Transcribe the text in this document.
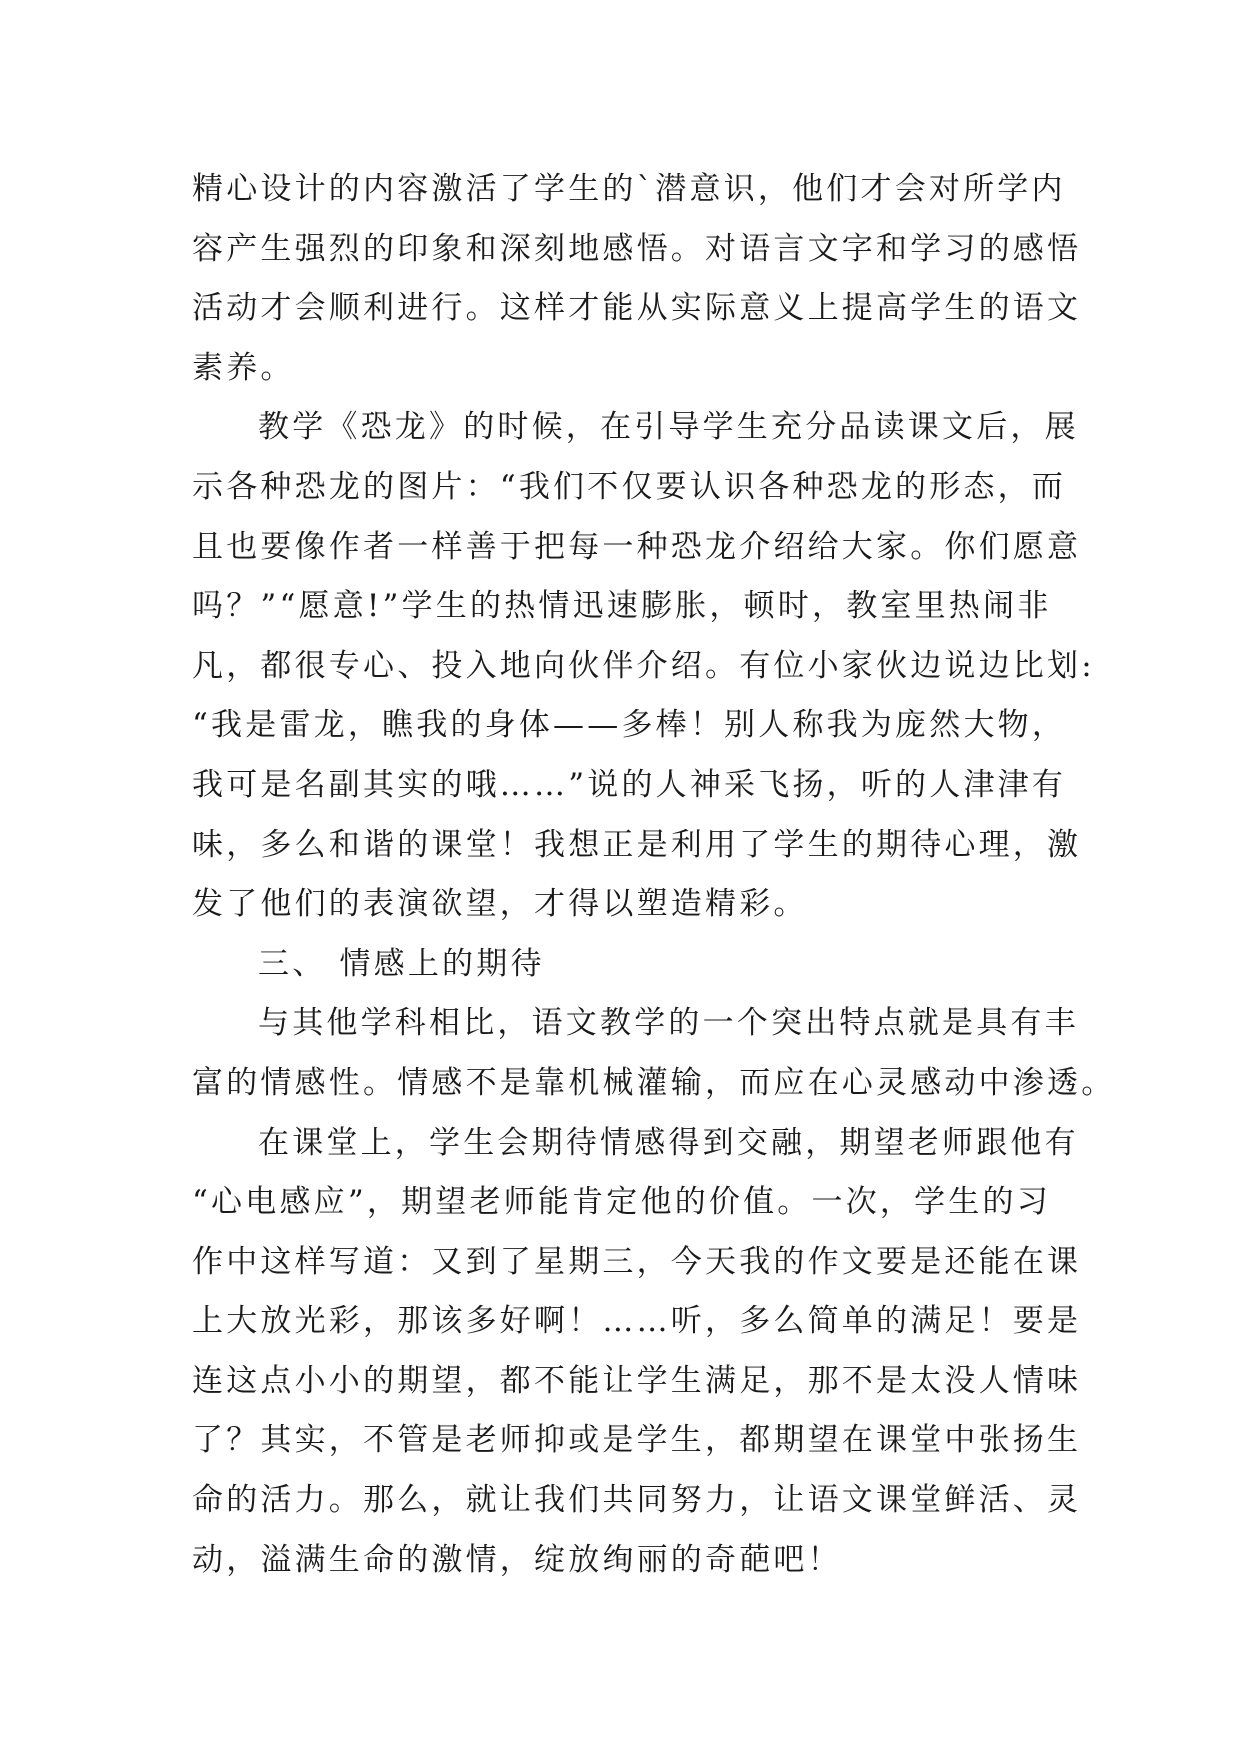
精心设计的内容激活了学生的`潜意识，他们才会对所学内
容产生强烈的印象和深刻地感悟。对语言文字和学习的感悟
活动才会顺利进行。这样才能从实际意义上提高学生的语文
素养。
教学《恐龙》的时候，在引导学生充分品读课文后，展
示各种恐龙的图片：“我们不仅要认识各种恐龙的形态，而
且也要像作者一样善于把每一种恐龙介绍给大家。你们愿意
吗？”“愿意!”学生的热情迅速膨胀，顿时，教室里热闹非
凡，都很专心、投入地向伙伴介绍。有位小家伙边说边比划:
“我是雷龙，瞧我的身体——多棒！别人称我为庞然大物，
我可是名副其实的哦……”说的人神采飞扬，听的人津津有
味，多么和谐的课堂！我想正是利用了学生的期待心理，激
发了他们的表演欲望，才得以塑造精彩。
三、 情感上的期待
与其他学科相比，语文教学的一个突出特点就是具有丰
富的情感性。情感不是靠机械灌输，而应在心灵感动中渗透。
在课堂上，学生会期待情感得到交融，期望老师跟他有
“心电感应”，期望老师能肯定他的价值。一次，学生的习
作中这样写道：又到了星期三，今天我的作文要是还能在课
上大放光彩，那该多好啊！……听，多么简单的满足！要是
连这点小小的期望，都不能让学生满足，那不是太没人情味
了？其实，不管是老师抑或是学生，都期望在课堂中张扬生
命的活力。那么，就让我们共同努力，让语文课堂鲜活、灵
动，溢满生命的激情，绽放绚丽的奇葩吧！
